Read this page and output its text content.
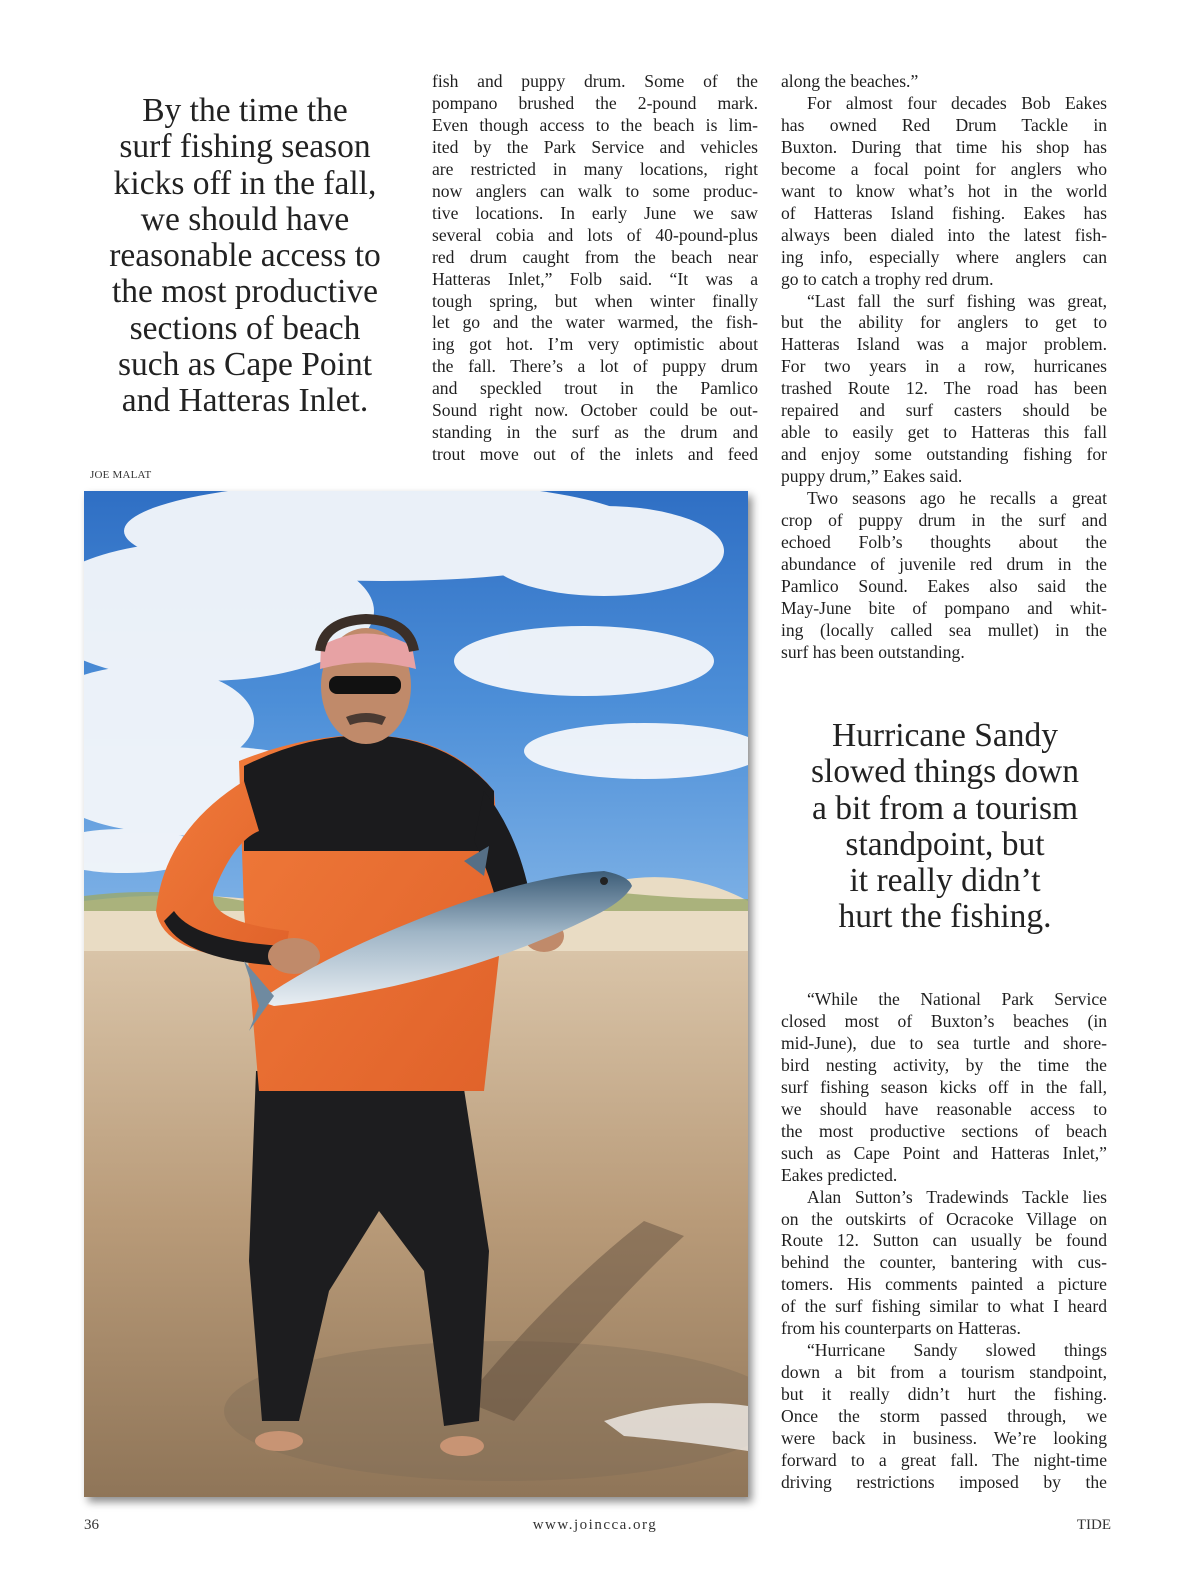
By the time the
surf fishing season
kicks off in the fall,
we should have
reasonable access to
the most productive
sections of beach
such as Cape Point
and Hatteras Inlet.
fish and puppy drum. Some of the
pompano brushed the 2-pound mark.
Even though access to the beach is lim-
ited by the Park Service and vehicles
are restricted in many locations, right
now anglers can walk to some produc-
tive locations. In early June we saw
several cobia and lots of 40-pound-plus
red drum caught from the beach near
Hatteras Inlet,” Folb said. “It was a
tough spring, but when winter finally
let go and the water warmed, the fish-
ing got hot. I’m very optimistic about
the fall. There’s a lot of puppy drum
and speckled trout in the Pamlico
Sound right now. October could be out-
standing in the surf as the drum and
trout move out of the inlets and feed
along the beaches.”
For almost four decades Bob Eakes
has owned Red Drum Tackle in
Buxton. During that time his shop has
become a focal point for anglers who
want to know what’s hot in the world
of Hatteras Island fishing. Eakes has
always been dialed into the latest fish-
ing info, especially where anglers can
go to catch a trophy red drum.
“Last fall the surf fishing was great,
but the ability for anglers to get to
Hatteras Island was a major problem.
For two years in a row, hurricanes
trashed Route 12. The road has been
repaired and surf casters should be
able to easily get to Hatteras this fall
and enjoy some outstanding fishing for
puppy drum,” Eakes said.
Two seasons ago he recalls a great
crop of puppy drum in the surf and
echoed Folb’s thoughts about the
abundance of juvenile red drum in the
Pamlico Sound. Eakes also said the
May-June bite of pompano and whit-
ing (locally called sea mullet) in the
surf has been outstanding.
JOE MALAT
Hurricane Sandy
slowed things down
a bit from a tourism
standpoint, but
it really didn’t
hurt the fishing.
“While the National Park Service
closed most of Buxton’s beaches (in
mid-June), due to sea turtle and shore-
bird nesting activity, by the time the
surf fishing season kicks off in the fall,
we should have reasonable access to
the most productive sections of beach
such as Cape Point and Hatteras Inlet,”
Eakes predicted.
Alan Sutton’s Tradewinds Tackle lies
on the outskirts of Ocracoke Village on
Route 12. Sutton can usually be found
behind the counter, bantering with cus-
tomers. His comments painted a picture
of the surf fishing similar to what I heard
from his counterparts on Hatteras.
“Hurricane Sandy slowed things
down a bit from a tourism standpoint,
but it really didn’t hurt the fishing.
Once the storm passed through, we
were back in business. We’re looking
forward to a great fall. The night-time
driving restrictions imposed by the
36	www.joincca.org	TIDE
